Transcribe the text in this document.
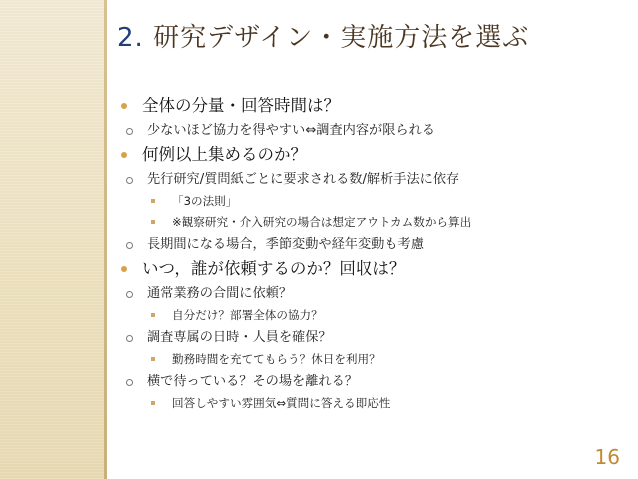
2. 研究デザイン・実施方法を選ぶ
全体の分量・回答時間は？
少ないほど協力を得やすい⇔調査内容が限られる
何例以上集めるのか？
先行研究/質問紙ごとに要求される数/解析手法に依存
「3の法則」
※観察研究・介入研究の場合は想定アウトカム数から算出
長期間になる場合，季節変動や経年変動も考慮
いつ，誰が依頼するのか？回収は？
通常業務の合間に依頼？
自分だけ？部署全体の協力？
調査専属の日時・人員を確保？
勤務時間を充ててもらう？休日を利用？
横で待っている？その場を離れる？
回答しやすい雰囲気⇔質問に答える即応性
16
